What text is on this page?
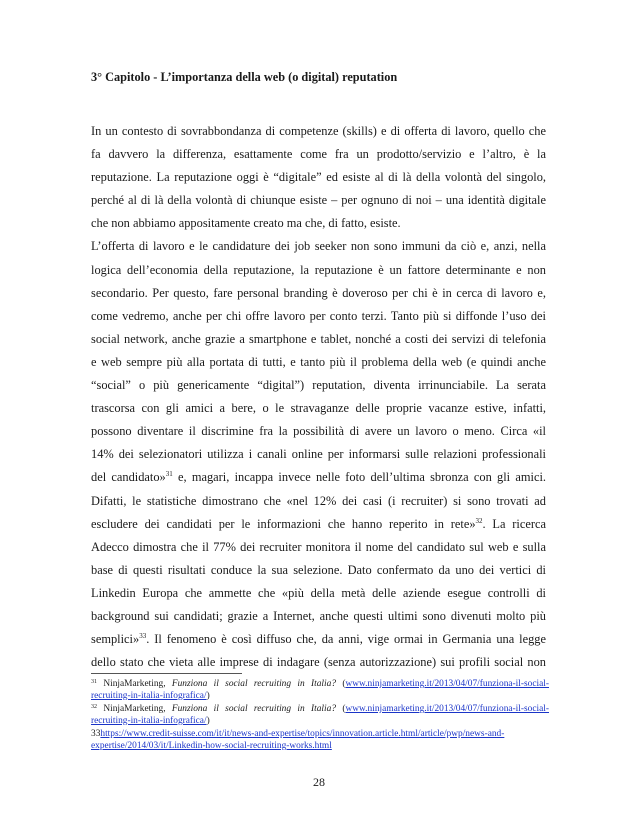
3° Capitolo - L’importanza della web (o digital) reputation
In un contesto di sovrabbondanza di competenze (skills) e di offerta di lavoro, quello che
fa davvero la differenza, esattamente come fra un prodotto/servizio e l’altro, è la
reputazione. La reputazione oggi è “digitale” ed esiste al di là della volontà del singolo,
perché al di là della volontà di chiunque esiste – per ognuno di noi – una identità digitale
che non abbiamo appositamente creato ma che, di fatto, esiste.
L’offerta di lavoro e le candidature dei job seeker non sono immuni da ciò e, anzi, nella
logica dell’economia della reputazione, la reputazione è un fattore determinante e non
secondario. Per questo, fare personal branding è doveroso per chi è in cerca di lavoro e,
come vedremo, anche per chi offre lavoro per conto terzi. Tanto più si diffonde l’uso dei
social network, anche grazie a smartphone e tablet, nonché a costi dei servizi di telefonia
e web sempre più alla portata di tutti, e tanto più il problema della web (e quindi anche
“social” o più genericamente “digital”) reputation, diventa irrinunciabile. La serata
trascorsa con gli amici a bere, o le stravaganze delle proprie vacanze estive, infatti,
possono diventare il discrimine fra la possibilità di avere un lavoro o meno. Circa «il
14% dei selezionatori utilizza i canali online per informarsi sulle relazioni professionali
del candidato»$^{31}$ e, magari, incappa invece nelle foto dell’ultima sbronza con gli amici.
Difatti, le statistiche dimostrano che «nel 12% dei casi (i recruiter) si sono trovati ad
escludere dei candidati per le informazioni che hanno reperito in rete»$^{32}$. La ricerca
Adecco dimostra che il 77% dei recruiter monitora il nome del candidato sul web e sulla
base di questi risultati conduce la sua selezione. Dato confermato da uno dei vertici di
Linkedin Europa che ammette che «più della metà delle aziende esegue controlli di
background sui candidati; grazie a Internet, anche questi ultimi sono divenuti molto più
semplici»$^{33}$. Il fenomeno è così diffuso che, da anni, vige ormai in Germania una legge
dello stato che vieta alle imprese di indagare (senza autorizzazione) sui profili social non

$^{31}$ NinjaMarketing, Funziona il social recruiting in Italia? (www.ninjamarketing.it/2013/04/07/funziona-il-social-recruiting-in-italia-infografica/)

$^{32}$ NinjaMarketing, Funziona il social recruiting in Italia? (www.ninjamarketing.it/2013/04/07/funziona-il-social-recruiting-in-italia-infografica/)

33https://www.credit-suisse.com/it/it/news-and-expertise/topics/innovation.article.html/article/pwp/news-and-expertise/2014/03/it/Linkedin-how-social-recruiting-works.html

28
